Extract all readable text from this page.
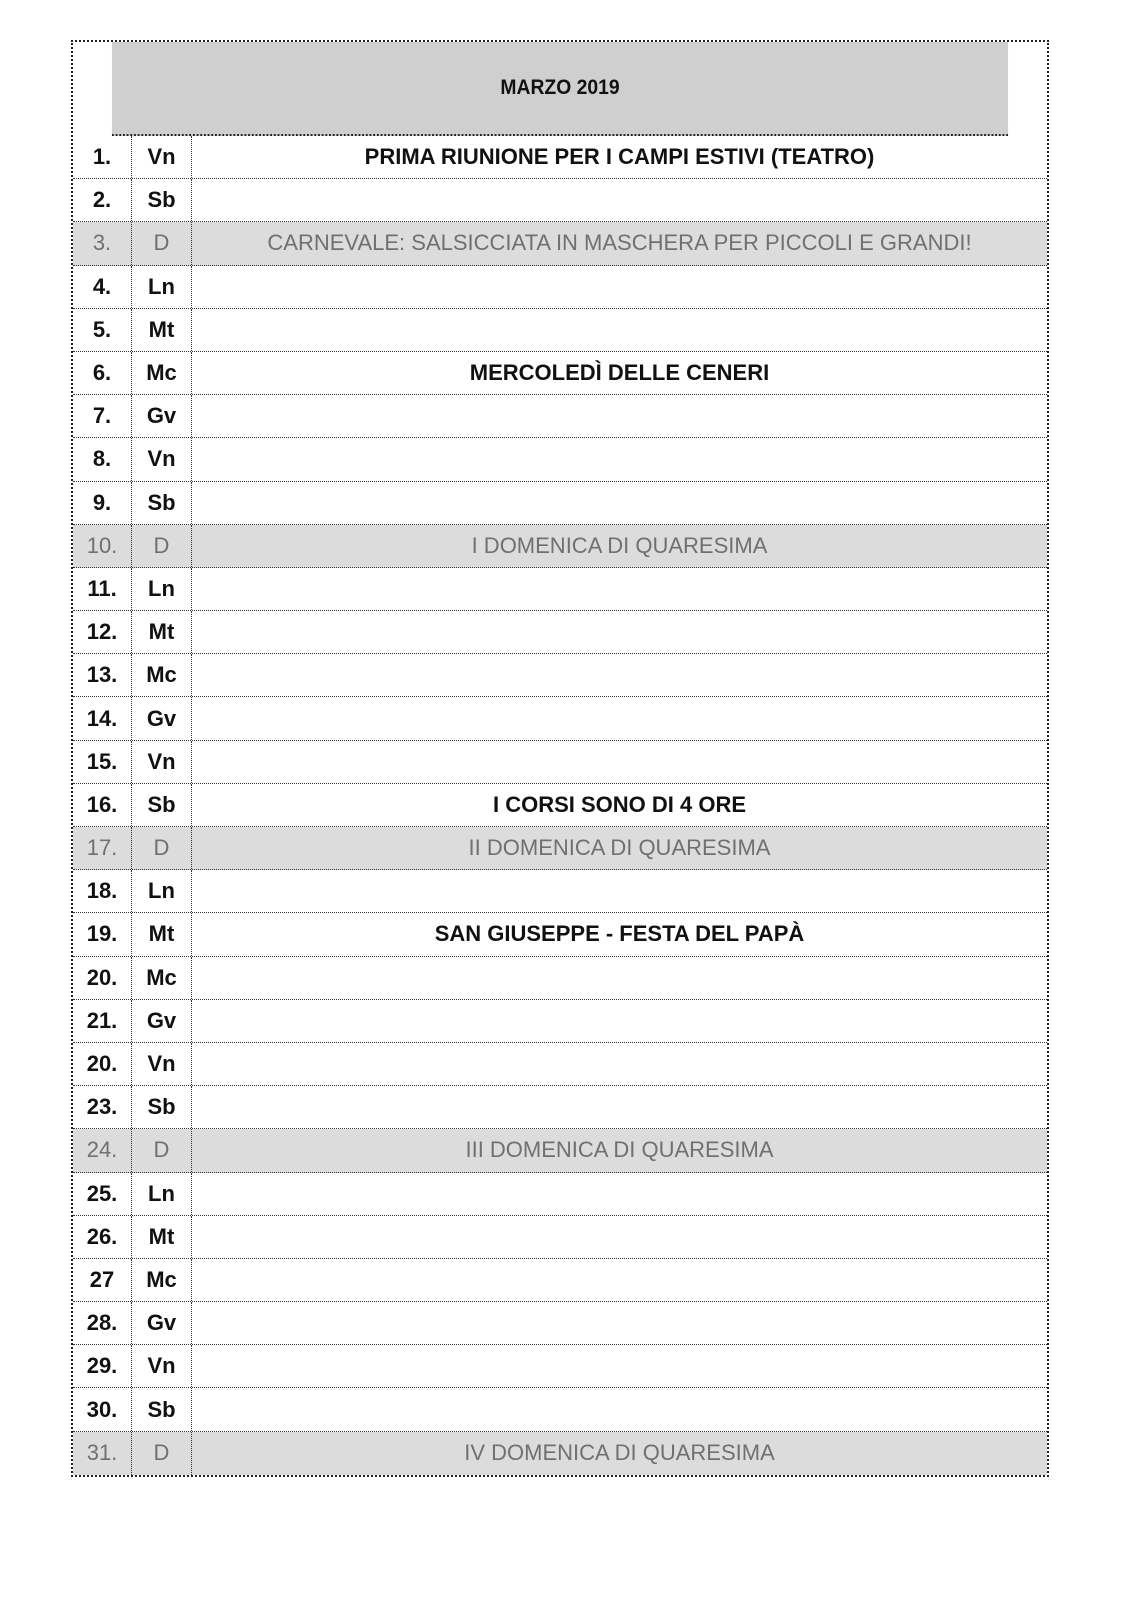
MARZO 2019
1.	Vn	PRIMA RIUNIONE PER I CAMPI ESTIVI (TEATRO)
2.	Sb
3.	D	CARNEVALE: SALSICCIATA IN MASCHERA PER PICCOLI E GRANDI!
4.	Ln
5.	Mt
6.	Mc	MERCOLEDÌ DELLE CENERI
7.	Gv
8.	Vn
9.	Sb
10.	D	I DOMENICA DI QUARESIMA
11.	Ln
12.	Mt
13.	Mc
14.	Gv
15.	Vn
16.	Sb	I CORSI SONO DI 4 ORE
17.	D	II DOMENICA DI QUARESIMA
18.	Ln
19.	Mt	SAN GIUSEPPE - FESTA DEL PAPÀ
20.	Mc
21.	Gv
20.	Vn
23.	Sb
24.	D	III DOMENICA DI QUARESIMA
25.	Ln
26.	Mt
27	Mc
28.	Gv
29.	Vn
30.	Sb
31.	D	IV DOMENICA DI QUARESIMA
